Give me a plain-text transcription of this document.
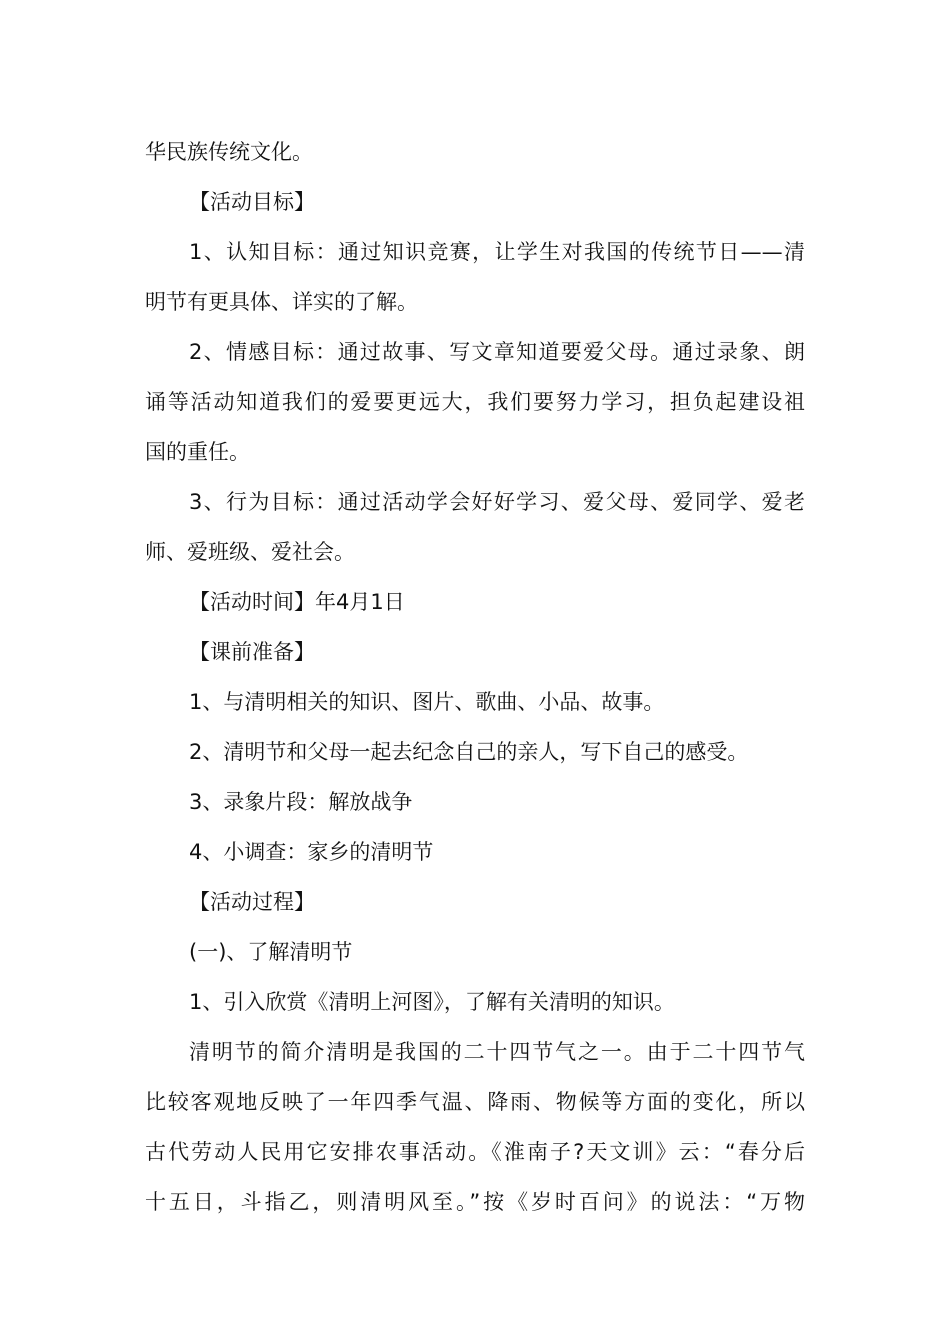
华民族传统文化。
【活动目标】
1、认知目标：通过知识竞赛，让学生对我国的传统节日——清
明节有更具体、详实的了解。
2、情感目标：通过故事、写文章知道要爱父母。通过录象、朗
诵等活动知道我们的爱要更远大，我们要努力学习，担负起建设祖
国的重任。
3、行为目标：通过活动学会好好学习、爱父母、爱同学、爱老
师、爱班级、爱社会。
【活动时间】年4月1日
【课前准备】
1、与清明相关的知识、图片、歌曲、小品、故事。
2、清明节和父母一起去纪念自己的亲人，写下自己的感受。
3、录象片段：解放战争
4、小调查：家乡的清明节
【活动过程】
(一)、了解清明节
1、引入欣赏《清明上河图》，了解有关清明的知识。
清明节的简介清明是我国的二十四节气之一。由于二十四节气
比较客观地反映了一年四季气温、降雨、物候等方面的变化，所以
古代劳动人民用它安排农事活动。《淮南子?天文训》云：“春分后
十五日，斗指乙，则清明风至。”按《岁时百问》的说法：“万物
